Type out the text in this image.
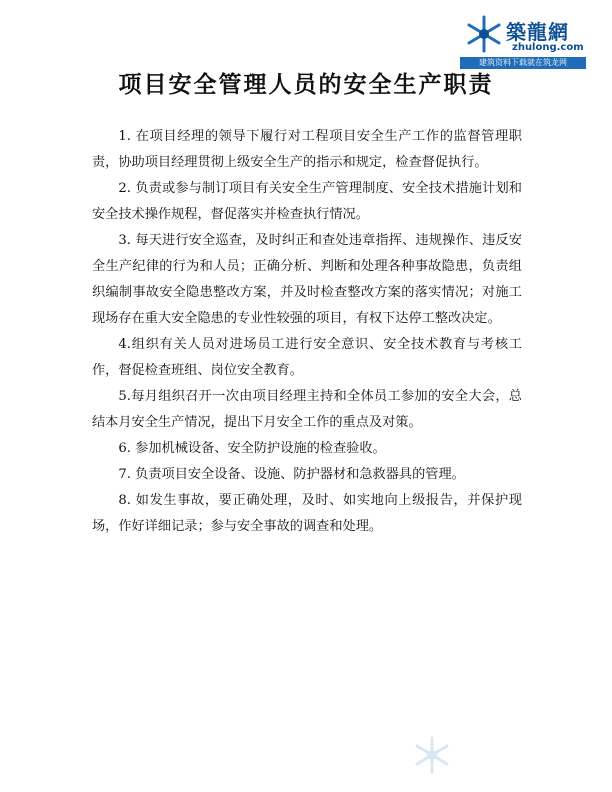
築龍網
zhulong.com
建筑资料下载就在筑龙网
项目安全管理人员的安全生产职责

1. 在项目经理的领导下履行对工程项目安全生产工作的监督管理职责，协助项目经理贯彻上级安全生产的指示和规定，检查督促执行。

2. 负责或参与制订项目有关安全生产管理制度、安全技术措施计划和安全技术操作规程，督促落实并检查执行情况。

3. 每天进行安全巡查，及时纠正和查处违章指挥、违规操作、违反安全生产纪律的行为和人员；正确分析、判断和处理各种事故隐患，负责组织编制事故安全隐患整改方案，并及时检查整改方案的落实情况；对施工现场存在重大安全隐患的专业性较强的项目，有权下达停工整改决定。

4.组织有关人员对进场员工进行安全意识、安全技术教育与考核工作，督促检查班组、岗位安全教育。

5.每月组织召开一次由项目经理主持和全体员工参加的安全大会，总结本月安全生产情况，提出下月安全工作的重点及对策。

6. 参加机械设备、安全防护设施的检查验收。

7. 负责项目安全设备、设施、防护器材和急救器具的管理。

8. 如发生事故，要正确处理，及时、如实地向上级报告，并保护现场，作好详细记录；参与安全事故的调查和处理。
